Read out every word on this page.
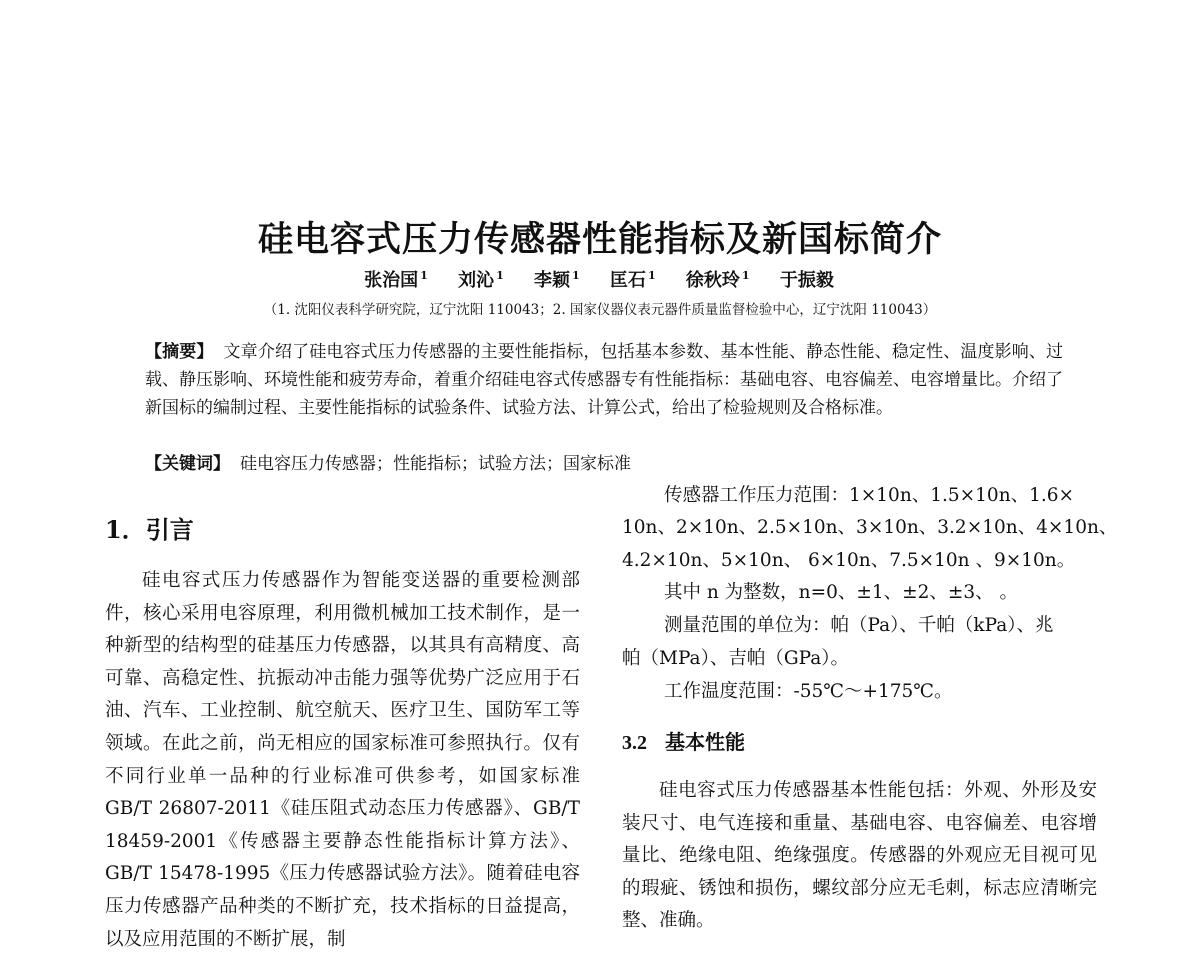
硅电容式压力传感器性能指标及新国标简介
张治国 $^1$ 刘沁 $^1$ 李颖 $^1$ 匡石 $^1$ 徐秋玲 $^1$ 于振毅
（1. 沈阳仪表科学研究院，辽宁沈阳 110043；2. 国家仪器仪表元器件质量监督检验中心，辽宁沈阳 110043）
【摘要】 文章介绍了硅电容式压力传感器的主要性能指标，包括基本参数、基本性能、静态性能、稳定性、温度影响、过载、静压影响、环境性能和疲劳寿命，着重介绍硅电容式传感器专有性能指标：基础电容、电容偏差、电容增量比。介绍了新国标的编制过程、主要性能指标的试验条件、试验方法、计算公式，给出了检验规则及合格标准。
【关键词】 硅电容压力传感器；性能指标；试验方法；国家标准
1．引言

硅电容式压力传感器作为智能变送器的重要检测部件，核心采用电容原理，利用微机械加工技术制作，是一种新型的结构型的硅基压力传感器，以其具有高精度、高可靠、高稳定性、抗振动冲击能力强等优势广泛应用于石油、汽车、工业控制、航空航天、医疗卫生、国防军工等领域。在此之前，尚无相应的国家标准可参照执行。仅有不同行业单一品种的行业标准可供参考，如国家标准 GB/T 26807-2011《硅压阻式动态压力传感器》、GB/T 18459-2001《传感器主要静态性能指标计算方法》、GB/T 15478-1995《压力传感器试验方法》。随着硅电容压力传感器产品种类的不断扩充，技术指标的日益提高，以及应用范围的不断扩展，制

传感器工作压力范围：1×10n、1.5×10n、1.6×

10n、2×10n、2.5×10n、3×10n、3.2×10n、4×10n、

4.2×10n、5×10n、 6×10n、7.5×10n 、9×10n。

其中 n 为整数，n=0、±1、±2、±3、 。

测量范围的单位为：帕（Pa）、千帕（kPa）、兆

帕（MPa）、吉帕（GPa）。

工作温度范围：-55℃～+175℃。

3.2 基本性能

硅电容式压力传感器基本性能包括：外观、外形及安装尺寸、电气连接和重量、基础电容、电容偏差、电容增量比、绝缘电阻、绝缘强度。传感器的外观应无目视可见的瑕疵、锈蚀和损伤，螺纹部分应无毛刺，标志应清晰完整、准确。
